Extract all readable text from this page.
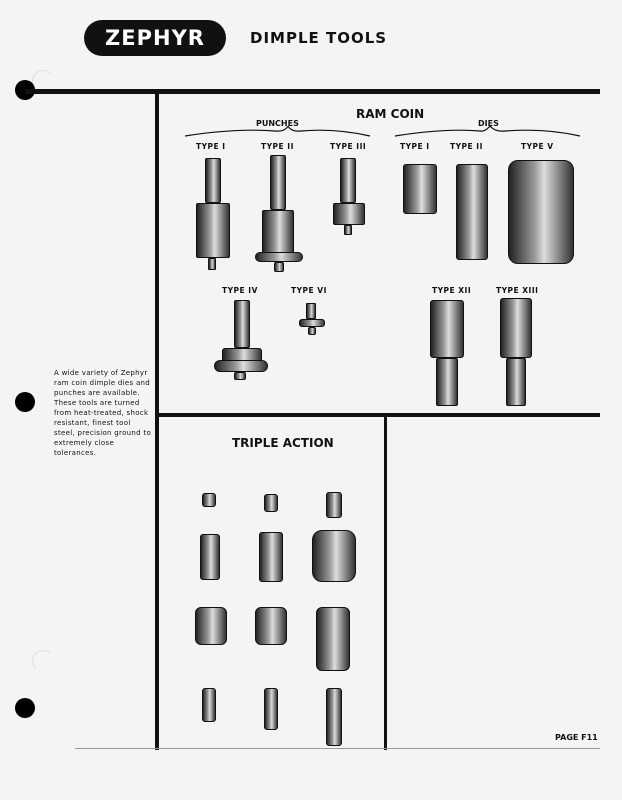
ZEPHYR	DIMPLE TOOLS
RAM COIN
PUNCHES	DIES
TYPE I	TYPE II	TYPE III	TYPE I	TYPE II	TYPE V
TYPE IV	TYPE VI	TYPE XII	TYPE XIII
TRIPLE ACTION
A wide variety of Zephyr ram coin dimple dies and punches are available. These tools are turned from heat-treated, shock resistant, finest tool steel, precision ground to extremely close tolerances.
PAGE F11
